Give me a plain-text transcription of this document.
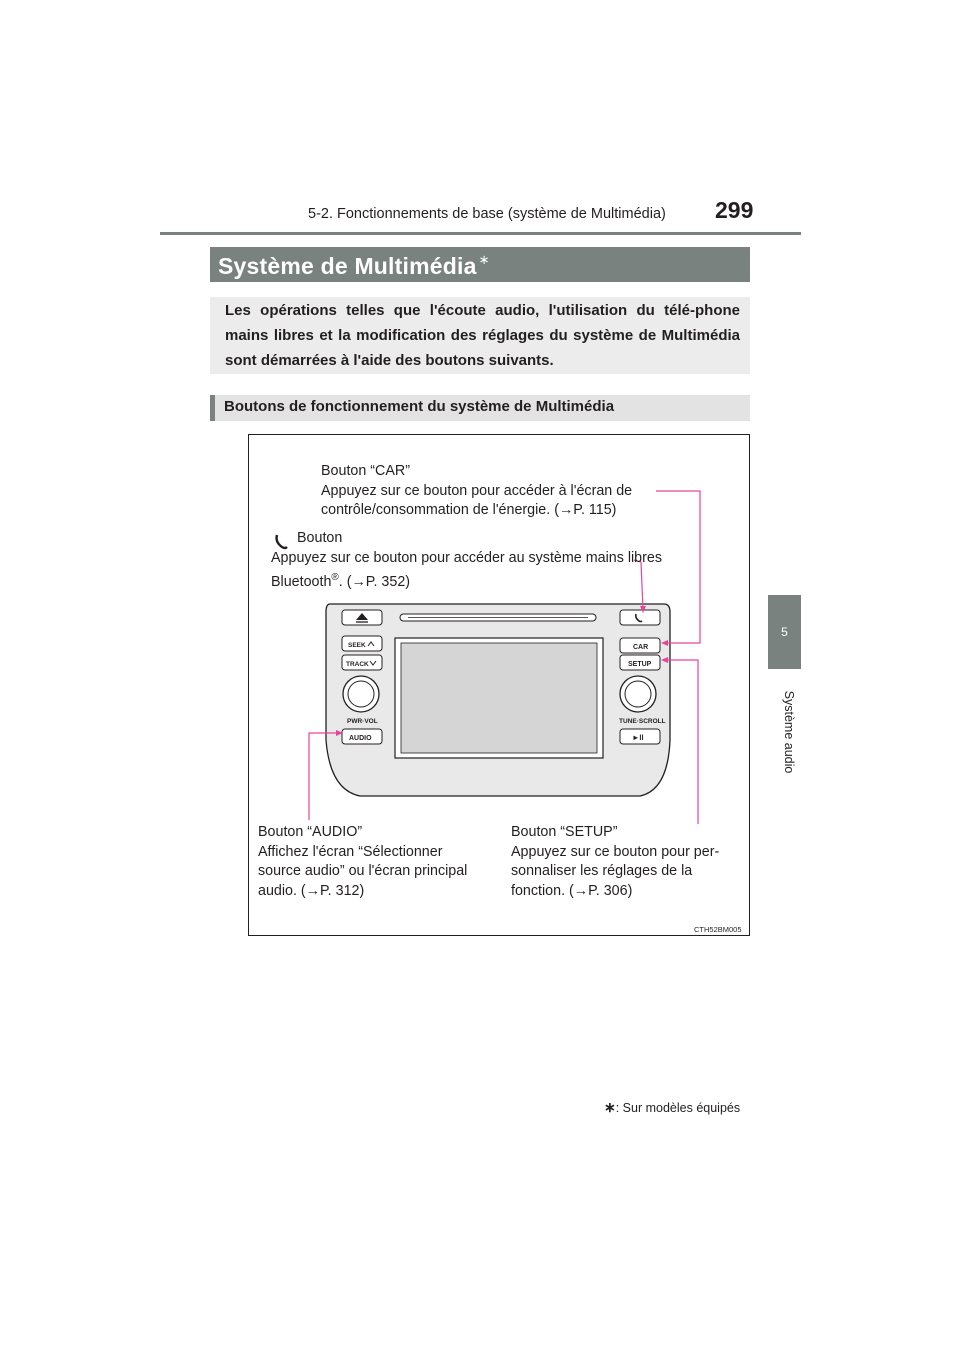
5-2. Fonctionnements de base (système de Multimédia) 299
5
Système audio
Système de Multimédia ∗
Les opérations telles que l'écoute audio, l'utilisation du télé-phone mains libres et la modification des réglages du système de Multimédia sont démarrées à l'aide des boutons suivants.
Boutons de fonctionnement du système de Multimédia
SEEK
TRACK
CAR
SETUP
PWR·VOL	TUNE·SCROLL
AUDIO	►ll
Bouton “CAR”
Appuyez sur ce bouton pour accéder à l'écran de
contrôle/consommation de l'énergie. (→P. 115)
Bouton
Appuyez sur ce bouton pour accéder au système mains libres
Bluetooth®. (→P. 352)
Bouton “AUDIO”
Affichez l'écran “Sélectionner
source audio” ou l'écran principal
audio. (→P. 312)
Bouton “SETUP”
Appuyez sur ce bouton pour per-
sonnaliser les réglages de la
fonction. (→P. 306)
CTH52BM005
∗: Sur modèles équipés
